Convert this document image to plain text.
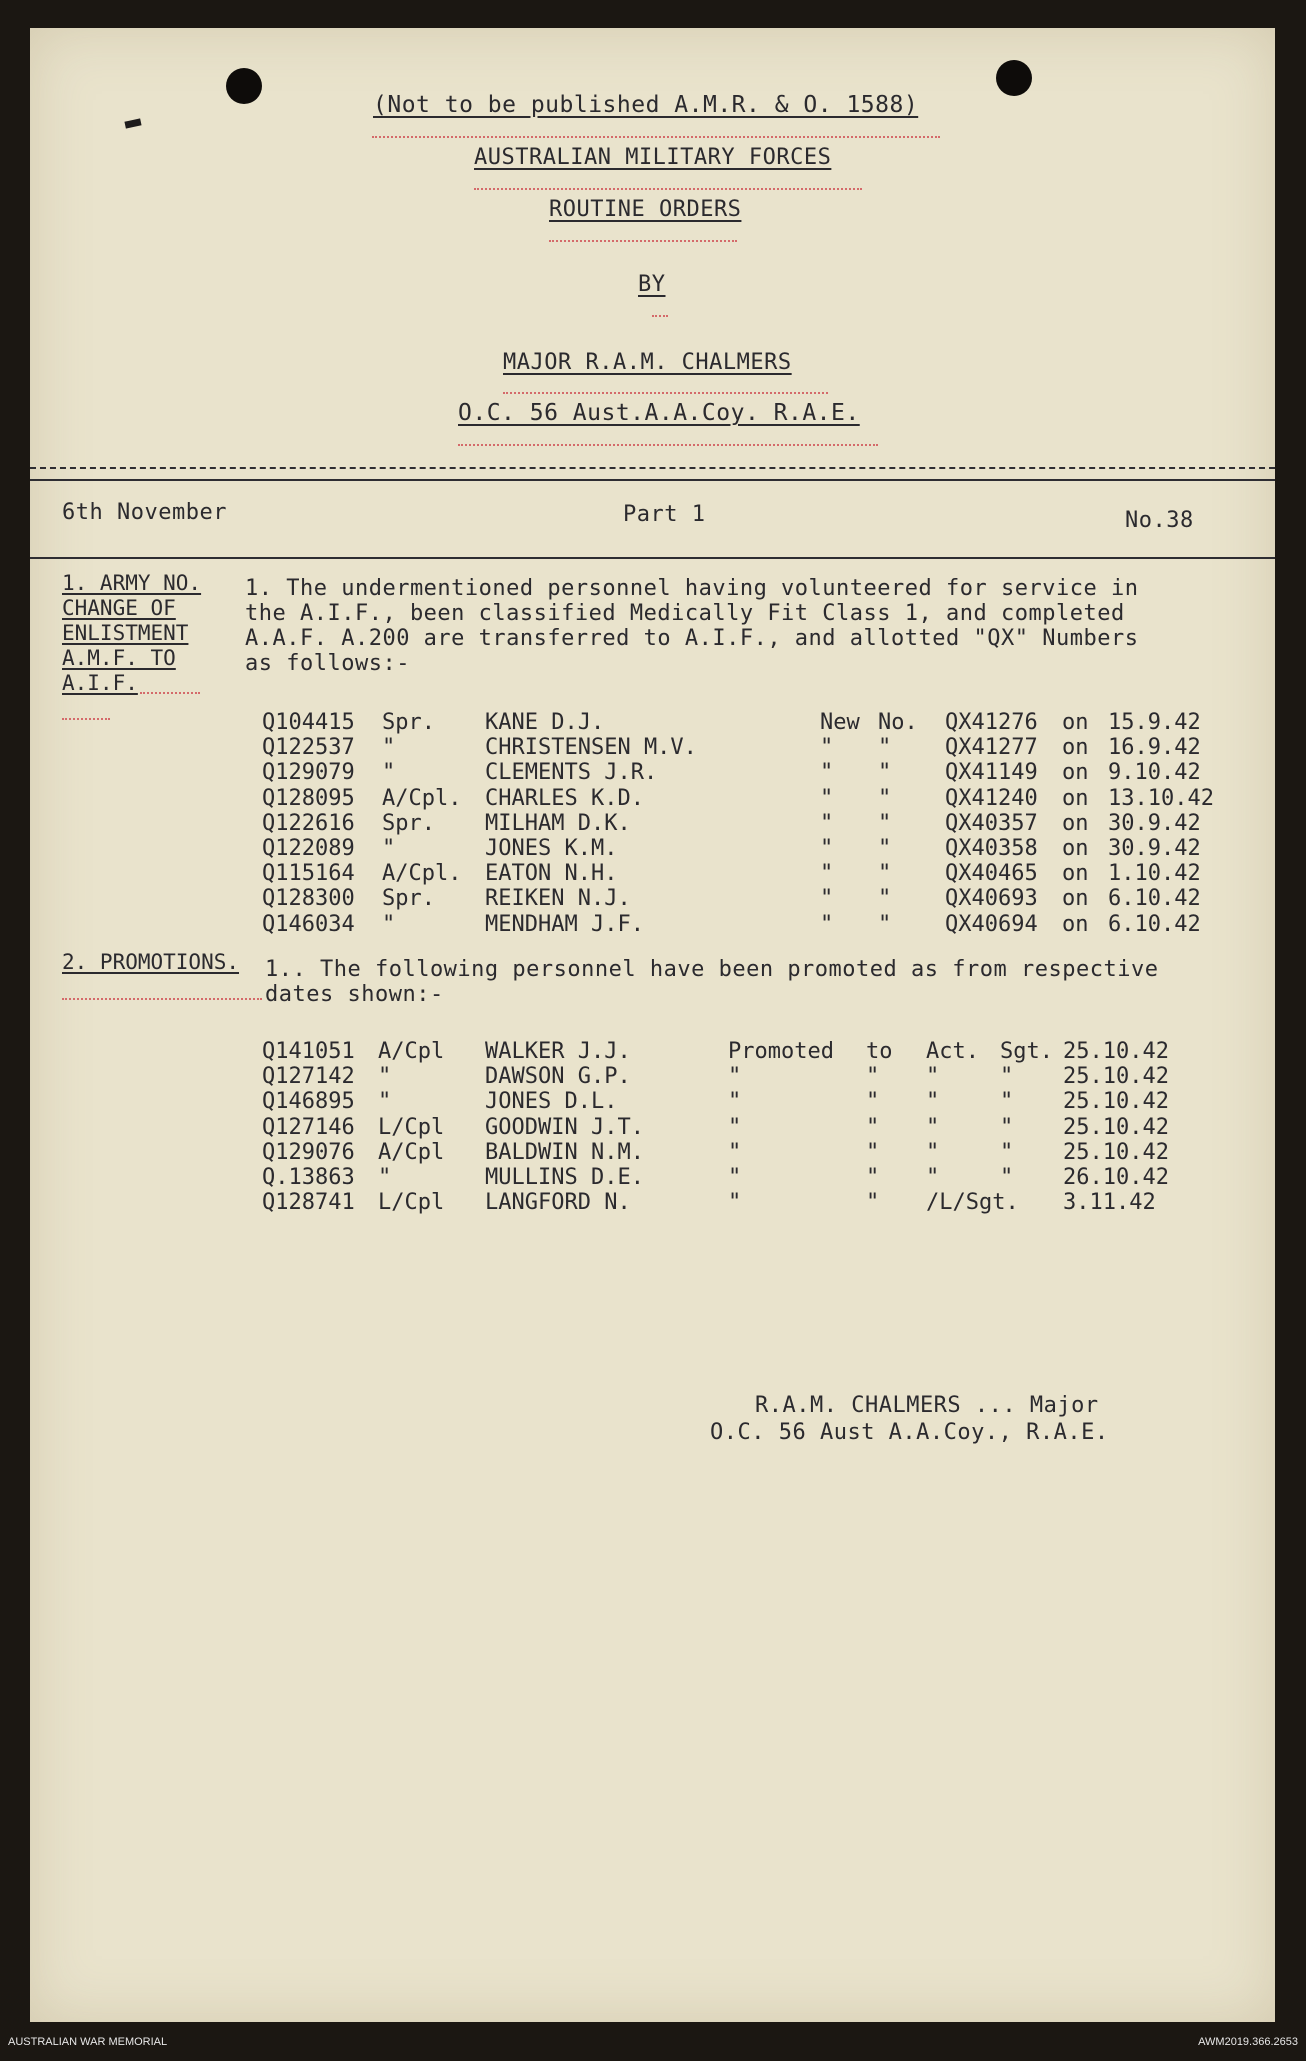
(Not to be published A.M.R. & O. 1588)
AUSTRALIAN MILITARY FORCES
ROUTINE ORDERS
BY
MAJOR R.A.M. CHALMERS
O.C. 56 Aust.A.A.Coy. R.A.E.
6th November	Part 1	No.38
1. ARMY NO.
CHANGE OF
ENLISTMENT
A.M.F. TO
A.I.F.
1. The undermentioned personnel having volunteered for service in
the A.I.F., been classified Medically Fit Class 1, and completed
A.A.F. A.200 are transferred to A.I.F., and allotted "QX" Numbers
as follows:-
Q104415 Spr. KANE D.J.	New No. QX41276 on 15.9.42
Q122537 "	CHRISTENSEN M.V.	" " QX41277 on 16.9.42
Q129079 "	CLEMENTS J.R.	" " QX41149 on 9.10.42
Q128095 A/Cpl. CHARLES K.D.	" " QX41240 on 13.10.42
Q122616 Spr. MILHAM D.K.	" " QX40357 on 30.9.42
Q122089 "	JONES K.M.	" " QX40358 on 30.9.42
Q115164 A/Cpl. EATON N.H.	" " QX40465 on 1.10.42
Q128300 Spr. REIKEN N.J.	" " QX40693 on 6.10.42
Q146034 "	MENDHAM J.F.	" " QX40694 on 6.10.42
2. PROMOTIONS. 1.. The following personnel have been promoted as from respective
dates shown:-
Q141051 A/Cpl WALKER J.J.	Promoted to Act. Sgt. 25.10.42
Q127142 "	DAWSON G.P.	"	" "	" 25.10.42
Q146895 "	JONES D.L.	"	" "	" 25.10.42
Q127146 L/Cpl GOODWIN J.T.	"	" "	" 25.10.42
Q129076 A/Cpl BALDWIN N.M.	"	" "	" 25.10.42
Q.13863 "	MULLINS D.E.	"	" "	" 26.10.42
Q128741 L/Cpl LANGFORD N.	"	" /L/Sgt. 3.11.42
R.A.M. CHALMERS ... Major
O.C. 56 Aust A.A.Coy., R.A.E.
AUSTRALIAN WAR MEMORIAL	AWM2019.366.2653
